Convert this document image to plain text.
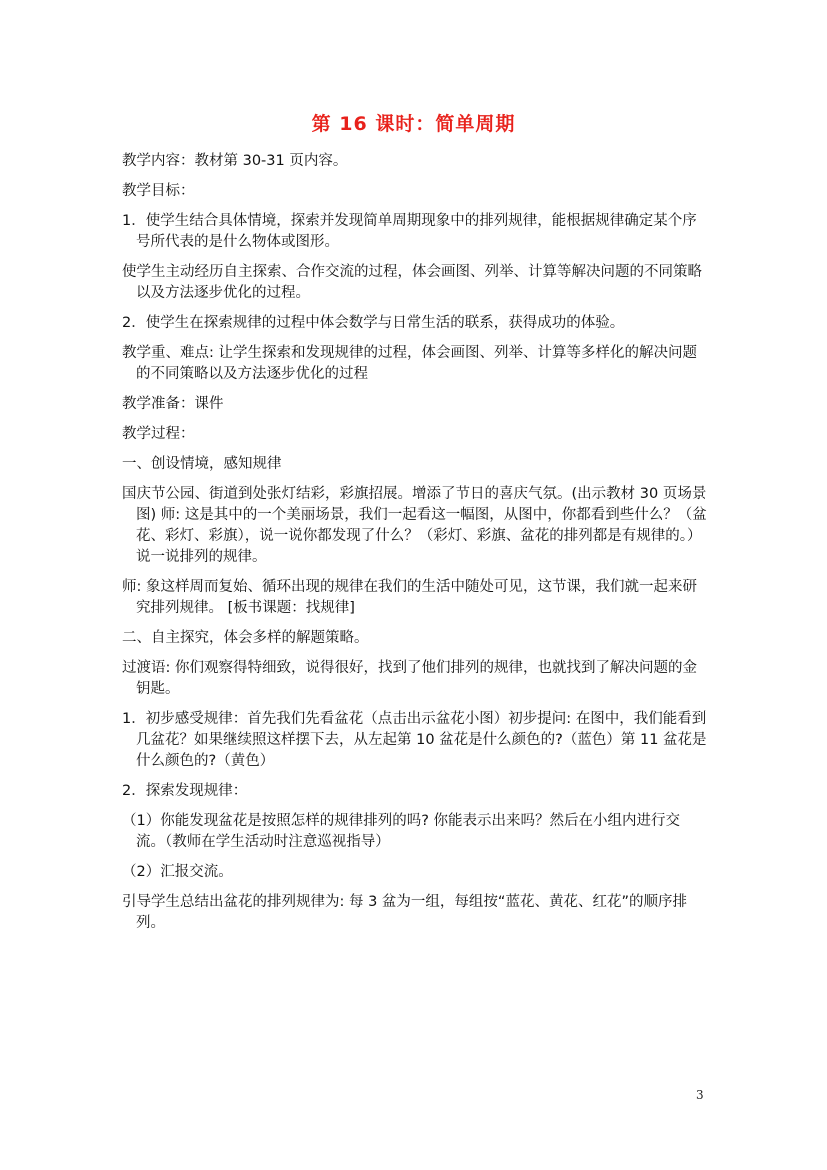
第 16 课时：简单周期

教学内容：教材第 30-31 页内容。

教学目标：

1．使学生结合具体情境，探索并发现简单周期现象中的排列规律，能根据规律确定某个序号所代表的是什么物体或图形。

使学生主动经历自主探索、合作交流的过程，体会画图、列举、计算等解决问题的不同策略以及方法逐步优化的过程。

2．使学生在探索规律的过程中体会数学与日常生活的联系，获得成功的体验。

教学重、难点: 让学生探索和发现规律的过程，体会画图、列举、计算等多样化的解决问题的不同策略以及方法逐步优化的过程

教学准备：课件

教学过程：

一、创设情境，感知规律

国庆节公园、街道到处张灯结彩，彩旗招展。增添了节日的喜庆气氛。(出示教材 30 页场景图) 师: 这是其中的一个美丽场景，我们一起看这一幅图，从图中，你都看到些什么？（盆花、彩灯、彩旗），说一说你都发现了什么？（彩灯、彩旗、盆花的排列都是有规律的。）说一说排列的规律。

师: 象这样周而复始、循环出现的规律在我们的生活中随处可见，这节课，我们就一起来研究排列规律。 [板书课题：找规律]

二、自主探究，体会多样的解题策略。

过渡语: 你们观察得特细致，说得很好，找到了他们排列的规律，也就找到了解决问题的金钥匙。

1．初步感受规律：首先我们先看盆花（点击出示盆花小图）初步提问: 在图中，我们能看到几盆花？如果继续照这样摆下去，从左起第 10 盆花是什么颜色的?（蓝色）第 11 盆花是什么颜色的?（黄色）

2．探索发现规律：

（1）你能发现盆花是按照怎样的规律排列的吗? 你能表示出来吗？然后在小组内进行交流。（教师在学生活动时注意巡视指导）

（2）汇报交流。

引导学生总结出盆花的排列规律为: 每 3 盆为一组，每组按“蓝花、黄花、红花”的顺序排列。

3
